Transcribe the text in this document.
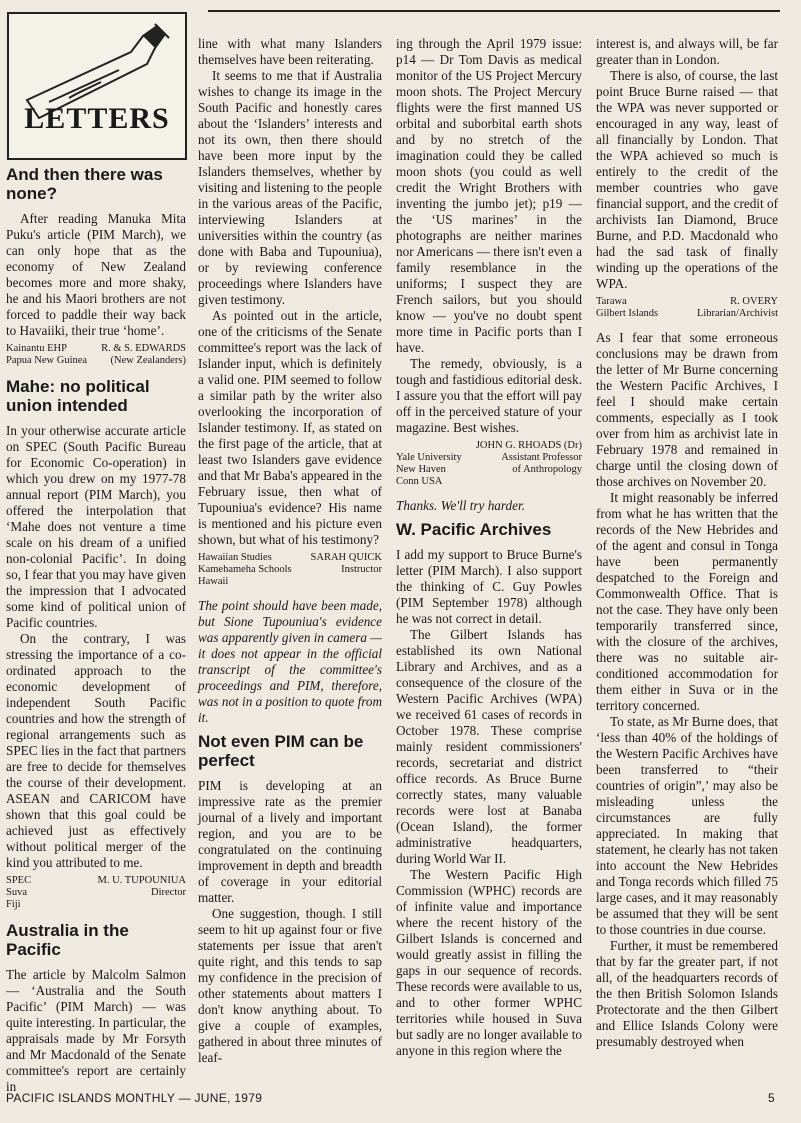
LETTERS
And then there was none?

After reading Manuka Mita Puku's article (PIM March), we can only hope that as the economy of New Zealand becomes more and more shaky, he and his Maori brothers are not forced to paddle their way back to Havaiiki, their true ‘home’.

Kainantu EHP
Papua New Guinea
R. & S. EDWARDS
(New Zealanders)
Mahe: no political union intended

In your otherwise accurate article on SPEC (South Pacific Bureau for Economic Co-operation) in which you drew on my 1977-78 annual report (PIM March), you offered the interpolation that ‘Mahe does not venture a time scale on his dream of a unified non-colonial Pacific’. In doing so, I fear that you may have given the impression that I advocated some kind of political union of Pacific countries.

On the contrary, I was stressing the importance of a co-ordinated approach to the economic development of independent South Pacific countries and how the strength of regional arrangements such as SPEC lies in the fact that partners are free to decide for themselves the course of their development. ASEAN and CARICOM have shown that this goal could be achieved just as effectively without political merger of the kind you attributed to me.

SPEC
Suva
Fiji
M. U. TUPOUNIUA
Director
Australia in the Pacific

The article by Malcolm Salmon — ‘Australia and the South Pacific’ (PIM March) — was quite interesting. In particular, the appraisals made by Mr Forsyth and Mr Macdonald of the Senate committee's report are certainly in

line with what many Islanders themselves have been reiterating.

It seems to me that if Australia wishes to change its image in the South Pacific and honestly cares about the ‘Islanders’ interests and not its own, then there should have been more input by the Islanders themselves, whether by visiting and listening to the people in the various areas of the Pacific, interviewing Islanders at universities within the country (as done with Baba and Tupouniua), or by reviewing conference proceedings where Islanders have given testimony.

As pointed out in the article, one of the criticisms of the Senate committee's report was the lack of Islander input, which is definitely a valid one. PIM seemed to follow a similar path by the writer also overlooking the incorporation of Islander testimony. If, as stated on the first page of the article, that at least two Islanders gave evidence and that Mr Baba's appeared in the February issue, then what of Tupouniua's evidence? His name is mentioned and his picture even shown, but what of his testimony?

Hawaiian Studies
Kamehameha Schools
Hawaii
SARAH QUICK
Instructor

The point should have been made, but Sione Tupouniua's evidence was apparently given in camera — it does not appear in the official transcript of the committee's proceedings and PIM, therefore, was not in a position to quote from it.

Not even PIM can be perfect

PIM is developing at an impressive rate as the premier journal of a lively and important region, and you are to be congratulated on the continuing improvement in depth and breadth of coverage in your editorial matter.

One suggestion, though. I still seem to hit up against four or five statements per issue that aren't quite right, and this tends to sap my confidence in the precision of other statements about matters I don't know anything about. To give a couple of examples, gathered in about three minutes of leaf-

ing through the April 1979 issue: p14 — Dr Tom Davis as medical monitor of the US Project Mercury moon shots. The Project Mercury flights were the first manned US orbital and suborbital earth shots and by no stretch of the imagination could they be called moon shots (you could as well credit the Wright Brothers with inventing the jumbo jet); p19 — the ‘US marines’ in the photographs are neither marines nor Americans — there isn't even a family resemblance in the uniforms; I suspect they are French sailors, but you should know — you've no doubt spent more time in Pacific ports than I have.

The remedy, obviously, is a tough and fastidious editorial desk. I assure you that the effort will pay off in the perceived stature of your magazine. Best wishes.

JOHN G. RHOADS (Dr)
Yale University
New Haven
Conn USA
Assistant Professor
of Anthropology

Thanks. We'll try harder.

W. Pacific Archives

I add my support to Bruce Burne's letter (PIM March). I also support the thinking of C. Guy Powles (PIM September 1978) although he was not correct in detail.

The Gilbert Islands has established its own National Library and Archives, and as a consequence of the closure of the Western Pacific Archives (WPA) we received 61 cases of records in October 1978. These comprise mainly resident commissioners' records, secretariat and district office records. As Bruce Burne correctly states, many valuable records were lost at Banaba (Ocean Island), the former administrative headquarters, during World War II.

The Western Pacific High Commission (WPHC) records are of infinite value and importance where the recent history of the Gilbert Islands is concerned and would greatly assist in filling the gaps in our sequence of records. These records were available to us, and to other former WPHC territories while housed in Suva but sadly are no longer available to anyone in this region where the

interest is, and always will, be far greater than in London.

There is also, of course, the last point Bruce Burne raised — that the WPA was never supported or encouraged in any way, least of all financially by London. That the WPA achieved so much is entirely to the credit of the member countries who gave financial support, and the credit of archivists Ian Diamond, Bruce Burne, and P.D. Macdonald who had the sad task of finally winding up the operations of the WPA.

Tarawa
Gilbert Islands
R. OVERY
Librarian/Archivist

As I fear that some erroneous conclusions may be drawn from the letter of Mr Burne concerning the Western Pacific Archives, I feel I should make certain comments, especially as I took over from him as archivist late in February 1978 and remained in charge until the closing down of those archives on November 20.

It might reasonably be inferred from what he has written that the records of the New Hebrides and of the agent and consul in Tonga have been permanently despatched to the Foreign and Commonwealth Office. That is not the case. They have only been temporarily transferred since, with the closure of the archives, there was no suitable air-conditioned accommodation for them either in Suva or in the territory concerned.

To state, as Mr Burne does, that ‘less than 40% of the holdings of the Western Pacific Archives have been transferred to “their countries of origin”,’ may also be misleading unless the circumstances are fully appreciated. In making that statement, he clearly has not taken into account the New Hebrides and Tonga records which filled 75 large cases, and it may reasonably be assumed that they will be sent to those countries in due course.

Further, it must be remembered that by far the greater part, if not all, of the headquarters records of the then British Solomon Islands Protectorate and the then Gilbert and Ellice Islands Colony were presumably destroyed when

PACIFIC ISLANDS MONTHLY — JUNE, 1979	5
